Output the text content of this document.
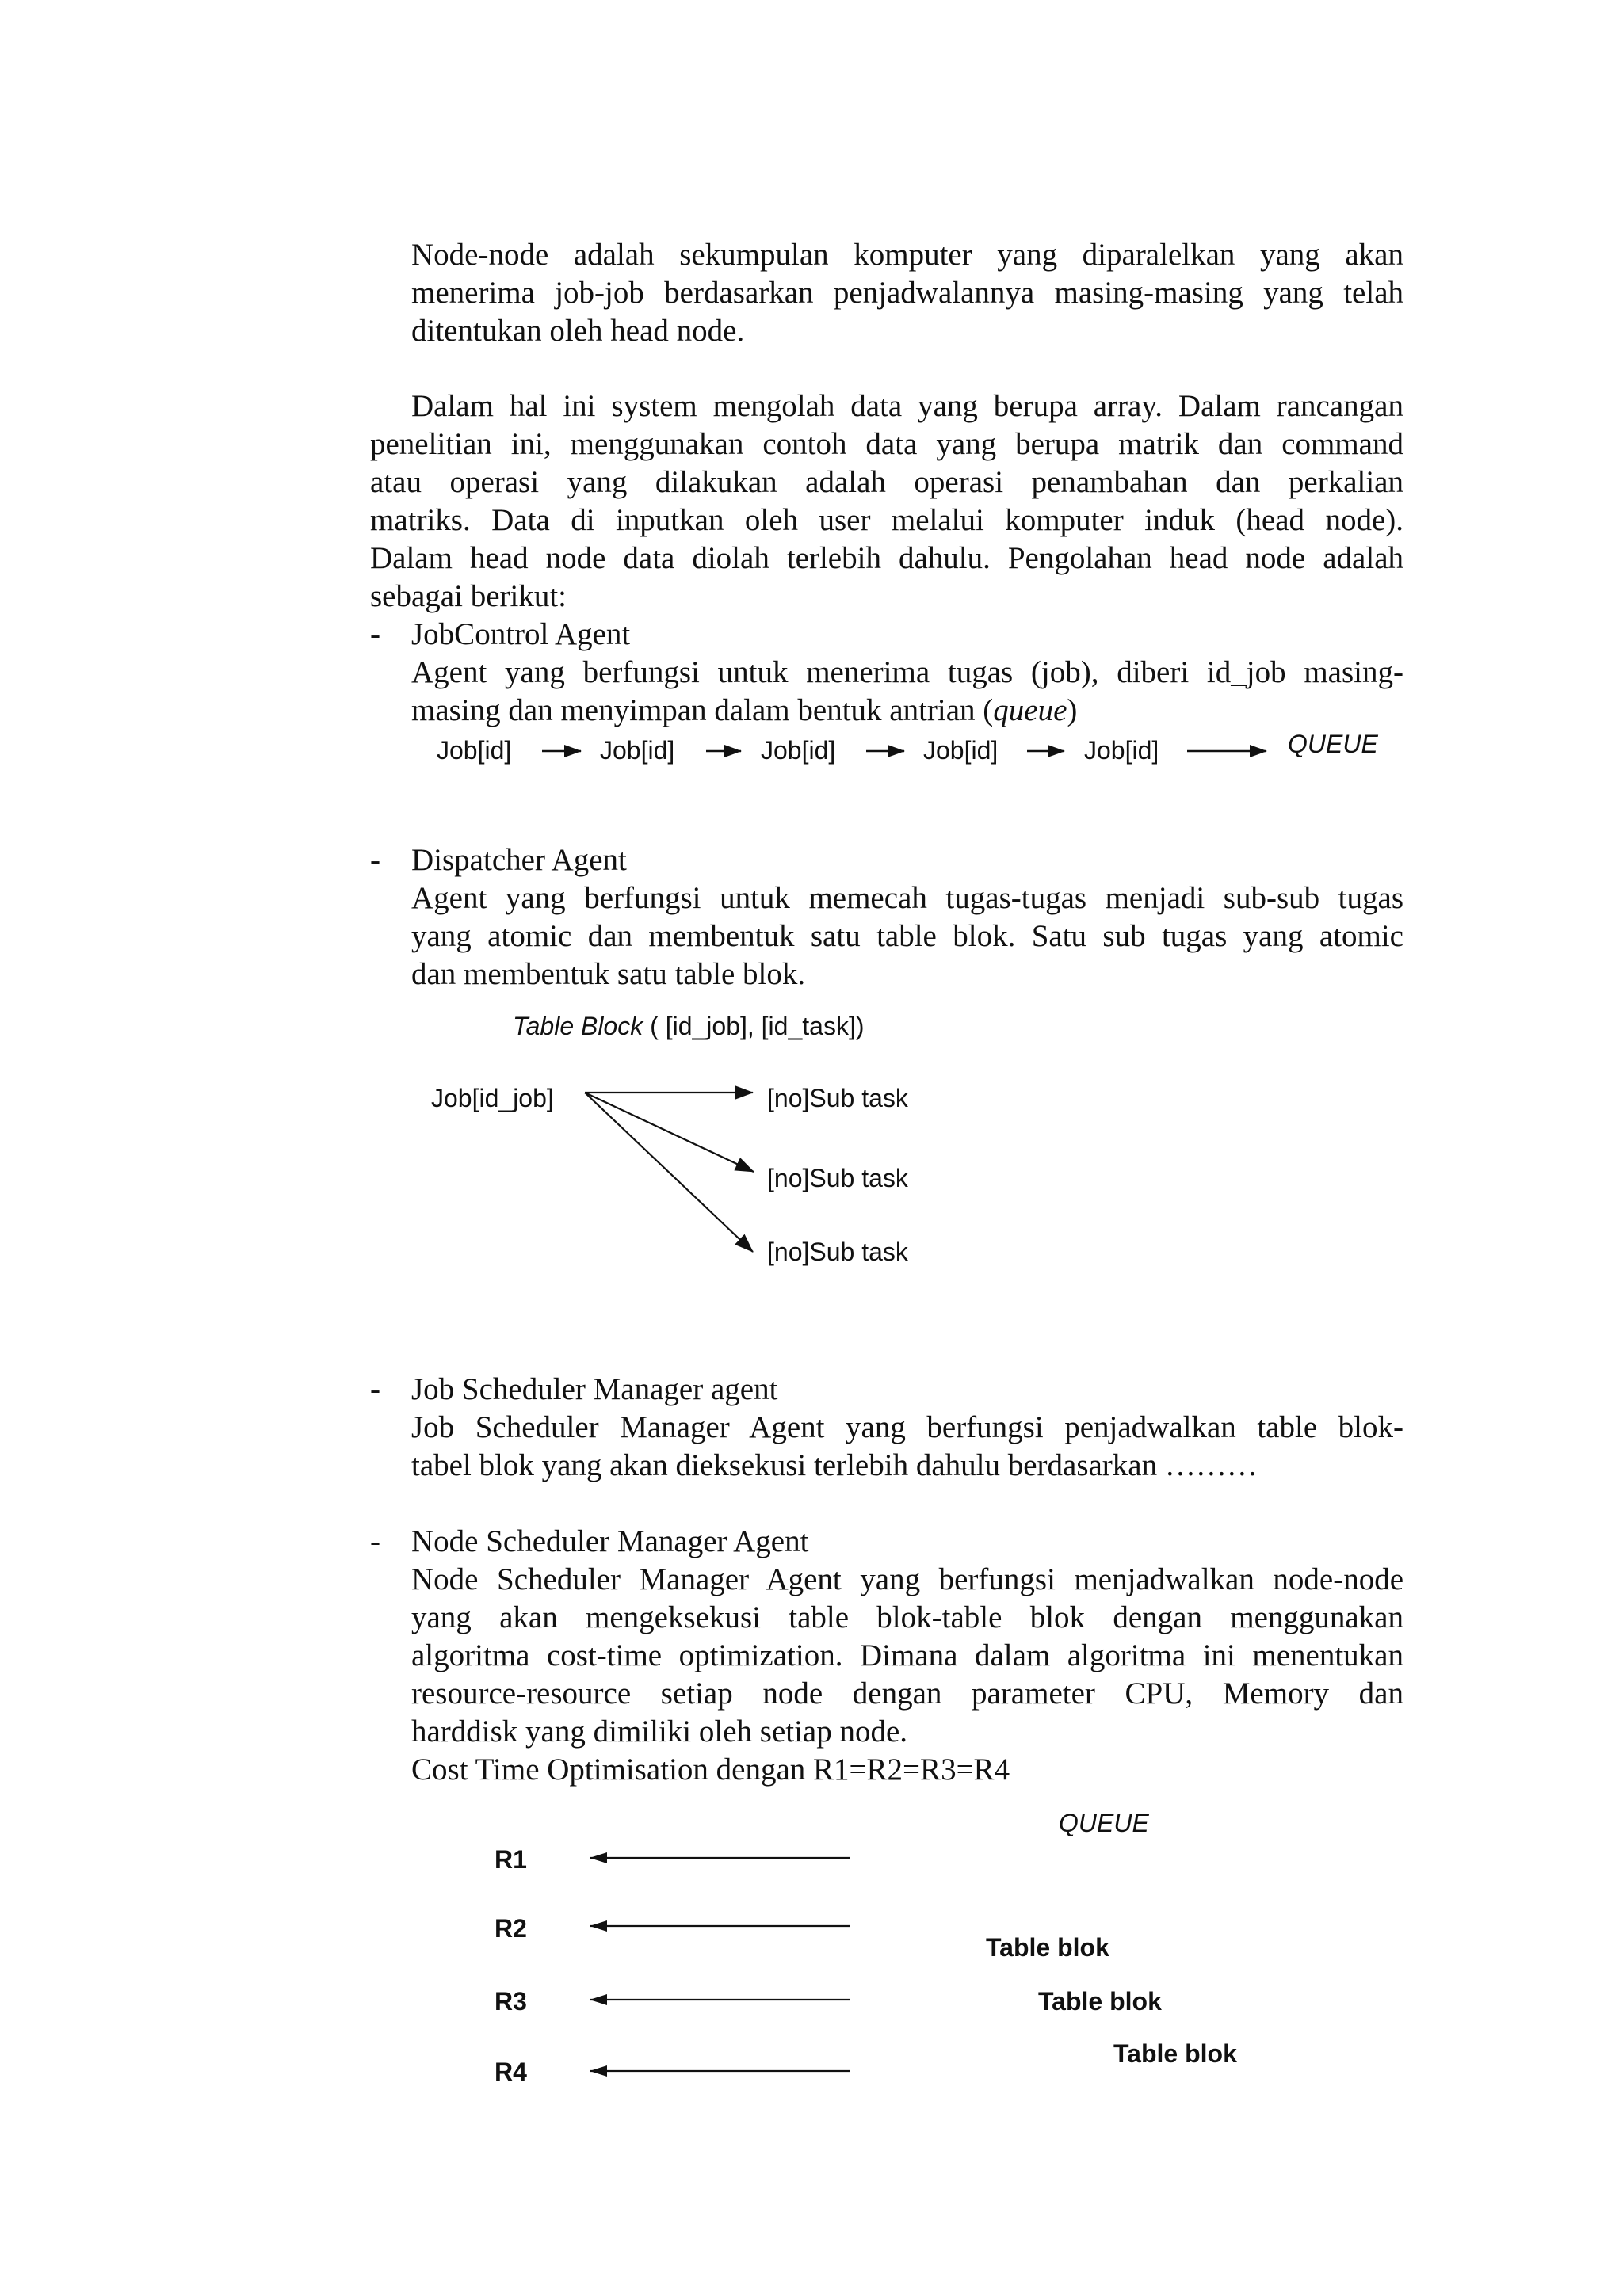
Node-node adalah sekumpulan komputer yang diparalelkan yang akan
menerima job-job berdasarkan penjadwalannya masing-masing yang telah
ditentukan oleh head node.
Dalam hal ini system mengolah data yang berupa array. Dalam rancangan
penelitian ini, menggunakan contoh data yang berupa matrik dan command
atau operasi yang dilakukan adalah operasi penambahan dan perkalian
matriks. Data di inputkan oleh user melalui komputer induk (head node).
Dalam head node data diolah terlebih dahulu. Pengolahan head node adalah
sebagai berikut:
- JobControl Agent
Agent yang berfungsi untuk menerima tugas (job), diberi id_job masing-
masing dan menyimpan dalam bentuk antrian (queue)
Job[id]	Job[id]	Job[id]	Job[id]	Job[id]	QUEUE
- Dispatcher Agent
Agent yang berfungsi untuk memecah tugas-tugas menjadi sub-sub tugas
yang atomic dan membentuk satu table blok. Satu sub tugas yang atomic
dan membentuk satu table blok.
Table Block ( [id_job], [id_task])
Job[id_job]	[no]Sub task
[no]Sub task
[no]Sub task
- Job Scheduler Manager agent
Job Scheduler Manager Agent yang berfungsi penjadwalkan table blok-
tabel blok yang akan dieksekusi terlebih dahulu berdasarkan ………
- Node Scheduler Manager Agent
Node Scheduler Manager Agent yang berfungsi menjadwalkan node-node
yang akan mengeksekusi table blok-table blok dengan menggunakan
algoritma cost-time optimization. Dimana dalam algoritma ini menentukan
resource-resource setiap node dengan parameter CPU, Memory dan
harddisk yang dimiliki oleh setiap node.
Cost Time Optimisation dengan R1=R2=R3=R4
QUEUE
R1
R2
R3
R4
Table blok
Table blok
Table blok
